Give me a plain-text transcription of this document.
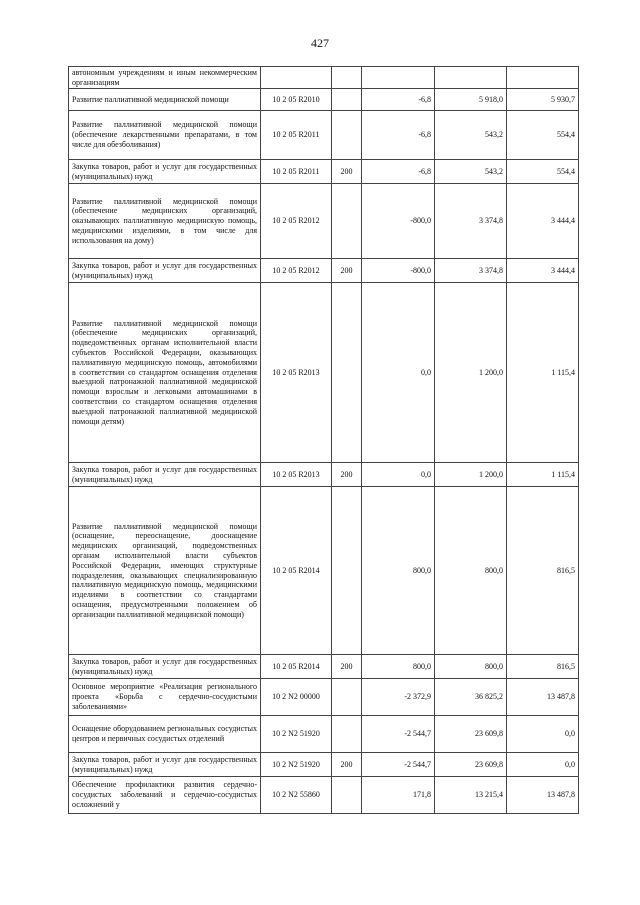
427
автономным учреждениям и иным некоммерческим организациям					
Развитие паллиативной медицинской помощи	10 2 05 R2010		-6,8	5 918,0	5 930,7
Развитие паллиативной медицинской помощи (обеспечение лекарственными препаратами, в том числе для обезболивания)	10 2 05 R2011		-6,8	543,2	554,4
Закупка товаров, работ и услуг для государственных (муниципальных) нужд	10 2 05 R2011	200	-6,8	543,2	554,4
Развитие паллиативной медицинской помощи (обеспечение медицинских организаций, оказывающих паллиативную медицинскую помощь, медицинскими изделиями, в том числе для использования на дому)	10 2 05 R2012		-800,0	3 374,8	3 444,4
Закупка товаров, работ и услуг для государственных (муниципальных) нужд	10 2 05 R2012	200	-800,0	3 374,8	3 444,4
Развитие паллиативной медицинской помощи (обеспечение медицинских организаций, подведомственных органам исполнительной власти субъектов Российской Федерации, оказывающих паллиативную медицинскую помощь, автомобилями в соответствии со стандартом оснащения отделения выездной патронажной паллиативной медицинской помощи взрослым и легковыми автомашинами в соответствии со стандартом оснащения отделения выездной патронажной паллиативной медицинской помощи детям)	10 2 05 R2013		0,0	1 200,0	1 115,4
Закупка товаров, работ и услуг для государственных (муниципальных) нужд	10 2 05 R2013	200	0,0	1 200,0	1 115,4
Развитие паллиативной медицинской помощи (оснащение, переоснащение, дооснащение медицинских организаций, подведомственных органам исполнительной власти субъектов Российской Федерации, имеющих структурные подразделения, оказывающих специализированную паллиативную медицинскую помощь, медицинскими изделиями в соответствии со стандартами оснащения, предусмотренными положением об организации паллиативной медицинской помощи)	10 2 05 R2014		800,0	800,0	816,5
Закупка товаров, работ и услуг для государственных (муниципальных) нужд	10 2 05 R2014	200	800,0	800,0	816,5
Основное мероприятие «Реализация регионального проекта «Борьба с сердечно-сосудистыми заболеваниями»	10 2 N2 00000		-2 372,9	36 825,2	13 487,8
Оснащение оборудованием региональных сосудистых центров и первичных сосудистых отделений	10 2 N2 51920		-2 544,7	23 609,8	0,0
Закупка товаров, работ и услуг для государственных (муниципальных) нужд	10 2 N2 51920	200	-2 544,7	23 609,8	0,0
Обеспечение профилактики развития сердечно-сосудистых заболеваний и сердечно-сосудистых осложнений у	10 2 N2 55860		171,8	13 215,4	13 487,8
